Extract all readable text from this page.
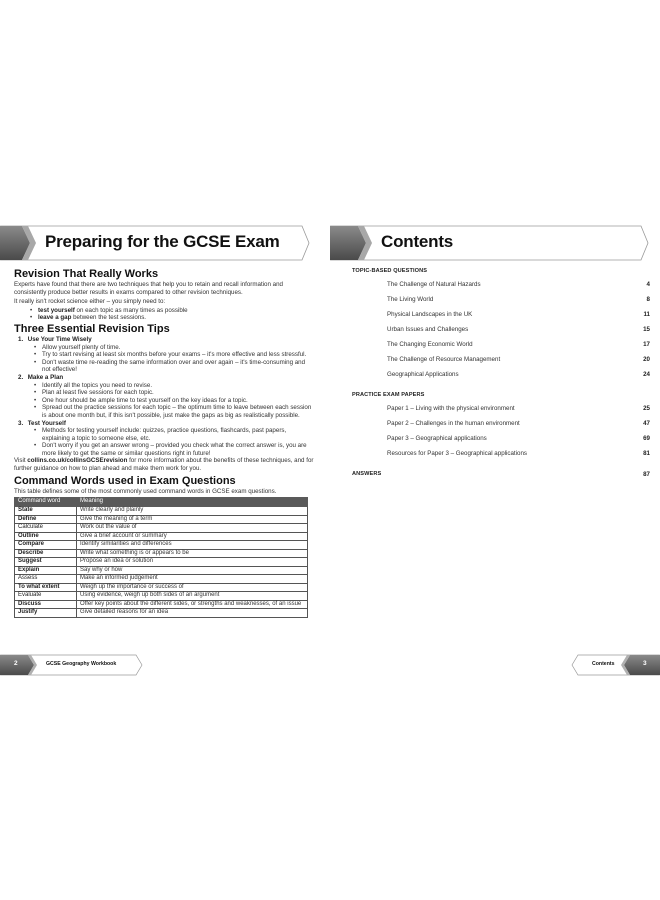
Preparing for the GCSE Exam
Revision That Really Works
Experts have found that there are two techniques that help you to retain and recall information and consistently produce better results in exams compared to other revision techniques.
It really isn't rocket science either – you simply need to:
• test yourself on each topic as many times as possible
• leave a gap between the test sessions.
Three Essential Revision Tips
1. Use Your Time Wisely
• Allow yourself plenty of time.
• Try to start revising at least six months before your exams – it's more effective and less stressful.
• Don't waste time re-reading the same information over and over again – it's time-consuming and not effective!
2. Make a Plan
• Identify all the topics you need to revise.
• Plan at least five sessions for each topic.
• One hour should be ample time to test yourself on the key ideas for a topic.
• Spread out the practice sessions for each topic – the optimum time to leave between each session is about one month but, if this isn't possible, just make the gaps as big as realistically possible.
3. Test Yourself
• Methods for testing yourself include: quizzes, practice questions, flashcards, past papers, explaining a topic to someone else, etc.
• Don't worry if you get an answer wrong – provided you check what the correct answer is, you are more likely to get the same or similar questions right in future!
Visit collins.co.uk/collinsGCSErevision for more information about the benefits of these techniques, and for further guidance on how to plan ahead and make them work for you.
Command Words used in Exam Questions
This table defines some of the most commonly used command words in GCSE exam questions.
Command word	Meaning
State	Write clearly and plainly
Define	Give the meaning of a term
Calculate	Work out the value of
Outline	Give a brief account or summary
Compare	Identify similarities and differences
Describe	Write what something is or appears to be
Suggest	Propose an idea or solution
Explain	Say why or how
Assess	Make an informed judgement
To what extent	Weigh up the importance or success of
Evaluate	Using evidence, weigh up both sides of an argument
Discuss	Offer key points about the different sides, or strengths and weaknesses, of an issue
Justify	Give detailed reasons for an idea
2	GCSE Geography Workbook
Contents
TOPIC-BASED QUESTIONS
The Challenge of Natural Hazards	4
The Living World	8
Physical Landscapes in the UK	11
Urban Issues and Challenges	15
The Changing Economic World	17
The Challenge of Resource Management	20
Geographical Applications	24
PRACTICE EXAM PAPERS
Paper 1 – Living with the physical environment	25
Paper 2 – Challenges in the human environment	47
Paper 3 – Geographical applications	69
Resources for Paper 3 – Geographical applications	81
ANSWERS	87
Contents	3
